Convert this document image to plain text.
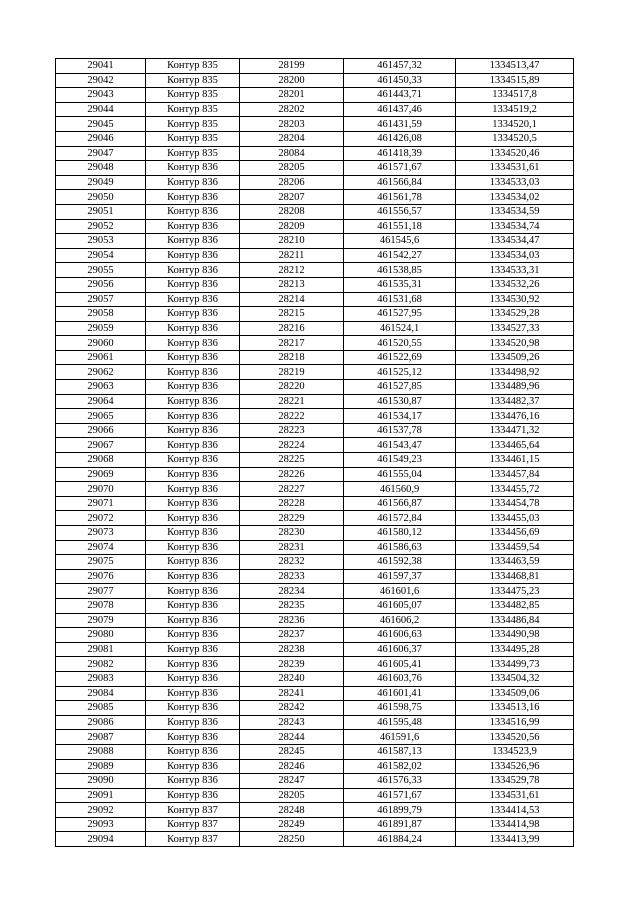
29041	Контур 835	28199	461457,32	1334513,47
29042	Контур 835	28200	461450,33	1334515,89
29043	Контур 835	28201	461443,71	1334517,8
29044	Контур 835	28202	461437,46	1334519,2
29045	Контур 835	28203	461431,59	1334520,1
29046	Контур 835	28204	461426,08	1334520,5
29047	Контур 835	28084	461418,39	1334520,46
29048	Контур 836	28205	461571,67	1334531,61
29049	Контур 836	28206	461566,84	1334533,03
29050	Контур 836	28207	461561,78	1334534,02
29051	Контур 836	28208	461556,57	1334534,59
29052	Контур 836	28209	461551,18	1334534,74
29053	Контур 836	28210	461545,6	1334534,47
29054	Контур 836	28211	461542,27	1334534,03
29055	Контур 836	28212	461538,85	1334533,31
29056	Контур 836	28213	461535,31	1334532,26
29057	Контур 836	28214	461531,68	1334530,92
29058	Контур 836	28215	461527,95	1334529,28
29059	Контур 836	28216	461524,1	1334527,33
29060	Контур 836	28217	461520,55	1334520,98
29061	Контур 836	28218	461522,69	1334509,26
29062	Контур 836	28219	461525,12	1334498,92
29063	Контур 836	28220	461527,85	1334489,96
29064	Контур 836	28221	461530,87	1334482,37
29065	Контур 836	28222	461534,17	1334476,16
29066	Контур 836	28223	461537,78	1334471,32
29067	Контур 836	28224	461543,47	1334465,64
29068	Контур 836	28225	461549,23	1334461,15
29069	Контур 836	28226	461555,04	1334457,84
29070	Контур 836	28227	461560,9	1334455,72
29071	Контур 836	28228	461566,87	1334454,78
29072	Контур 836	28229	461572,84	1334455,03
29073	Контур 836	28230	461580,12	1334456,69
29074	Контур 836	28231	461586,63	1334459,54
29075	Контур 836	28232	461592,38	1334463,59
29076	Контур 836	28233	461597,37	1334468,81
29077	Контур 836	28234	461601,6	1334475,23
29078	Контур 836	28235	461605,07	1334482,85
29079	Контур 836	28236	461606,2	1334486,84
29080	Контур 836	28237	461606,63	1334490,98
29081	Контур 836	28238	461606,37	1334495,28
29082	Контур 836	28239	461605,41	1334499,73
29083	Контур 836	28240	461603,76	1334504,32
29084	Контур 836	28241	461601,41	1334509,06
29085	Контур 836	28242	461598,75	1334513,16
29086	Контур 836	28243	461595,48	1334516,99
29087	Контур 836	28244	461591,6	1334520,56
29088	Контур 836	28245	461587,13	1334523,9
29089	Контур 836	28246	461582,02	1334526,96
29090	Контур 836	28247	461576,33	1334529,78
29091	Контур 836	28205	461571,67	1334531,61
29092	Контур 837	28248	461899,79	1334414,53
29093	Контур 837	28249	461891,87	1334414,98
29094	Контур 837	28250	461884,24	1334413,99
